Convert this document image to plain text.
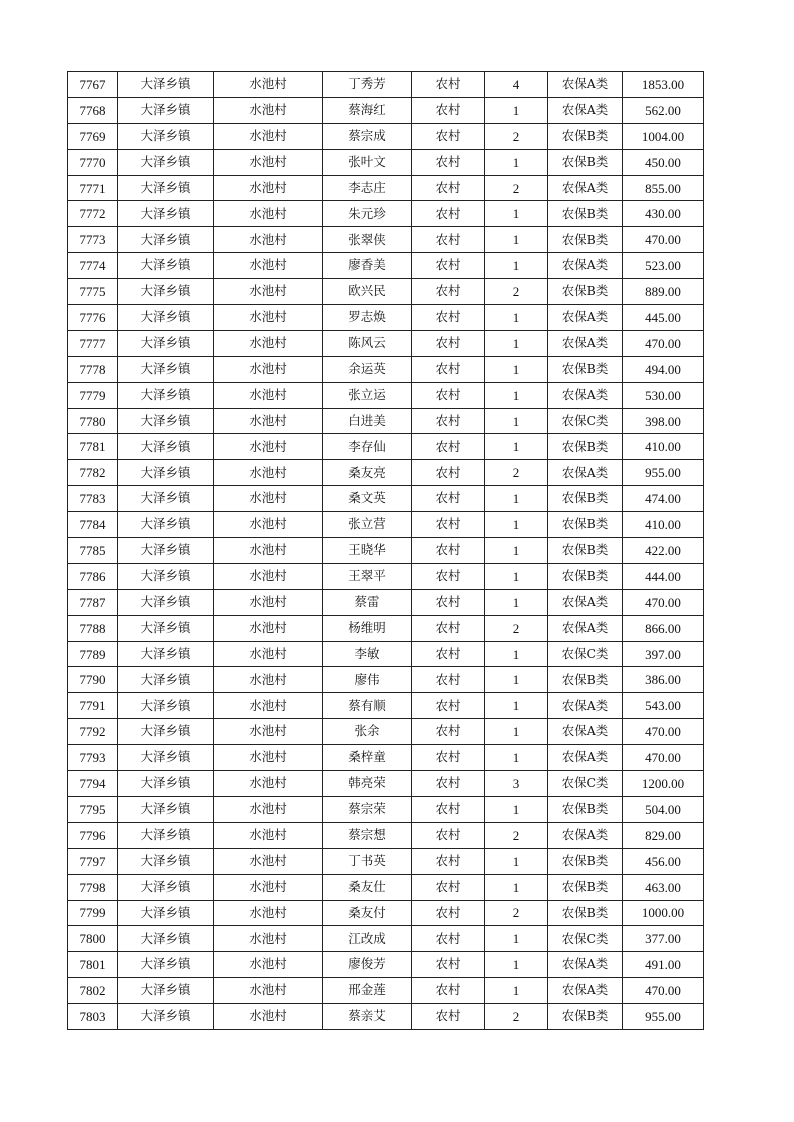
7767	大泽乡镇	水池村	丁秀芳	农村	4	农保A类	1853.00
7768	大泽乡镇	水池村	蔡海红	农村	1	农保A类	562.00
7769	大泽乡镇	水池村	蔡宗成	农村	2	农保B类	1004.00
7770	大泽乡镇	水池村	张叶文	农村	1	农保B类	450.00
7771	大泽乡镇	水池村	李志庄	农村	2	农保A类	855.00
7772	大泽乡镇	水池村	朱元珍	农村	1	农保B类	430.00
7773	大泽乡镇	水池村	张翠侠	农村	1	农保B类	470.00
7774	大泽乡镇	水池村	廖香美	农村	1	农保A类	523.00
7775	大泽乡镇	水池村	欧兴民	农村	2	农保B类	889.00
7776	大泽乡镇	水池村	罗志焕	农村	1	农保A类	445.00
7777	大泽乡镇	水池村	陈风云	农村	1	农保A类	470.00
7778	大泽乡镇	水池村	余运英	农村	1	农保B类	494.00
7779	大泽乡镇	水池村	张立运	农村	1	农保A类	530.00
7780	大泽乡镇	水池村	白进美	农村	1	农保C类	398.00
7781	大泽乡镇	水池村	李存仙	农村	1	农保B类	410.00
7782	大泽乡镇	水池村	桑友亮	农村	2	农保A类	955.00
7783	大泽乡镇	水池村	桑文英	农村	1	农保B类	474.00
7784	大泽乡镇	水池村	张立营	农村	1	农保B类	410.00
7785	大泽乡镇	水池村	王晓华	农村	1	农保B类	422.00
7786	大泽乡镇	水池村	王翠平	农村	1	农保B类	444.00
7787	大泽乡镇	水池村	蔡雷	农村	1	农保A类	470.00
7788	大泽乡镇	水池村	杨维明	农村	2	农保A类	866.00
7789	大泽乡镇	水池村	李敏	农村	1	农保C类	397.00
7790	大泽乡镇	水池村	廖伟	农村	1	农保B类	386.00
7791	大泽乡镇	水池村	蔡有顺	农村	1	农保A类	543.00
7792	大泽乡镇	水池村	张余	农村	1	农保A类	470.00
7793	大泽乡镇	水池村	桑梓童	农村	1	农保A类	470.00
7794	大泽乡镇	水池村	韩亮荣	农村	3	农保C类	1200.00
7795	大泽乡镇	水池村	蔡宗荣	农村	1	农保B类	504.00
7796	大泽乡镇	水池村	蔡宗想	农村	2	农保A类	829.00
7797	大泽乡镇	水池村	丁书英	农村	1	农保B类	456.00
7798	大泽乡镇	水池村	桑友仕	农村	1	农保B类	463.00
7799	大泽乡镇	水池村	桑友付	农村	2	农保B类	1000.00
7800	大泽乡镇	水池村	江改成	农村	1	农保C类	377.00
7801	大泽乡镇	水池村	廖俊芳	农村	1	农保A类	491.00
7802	大泽乡镇	水池村	邢金莲	农村	1	农保A类	470.00
7803	大泽乡镇	水池村	蔡亲艾	农村	2	农保B类	955.00
